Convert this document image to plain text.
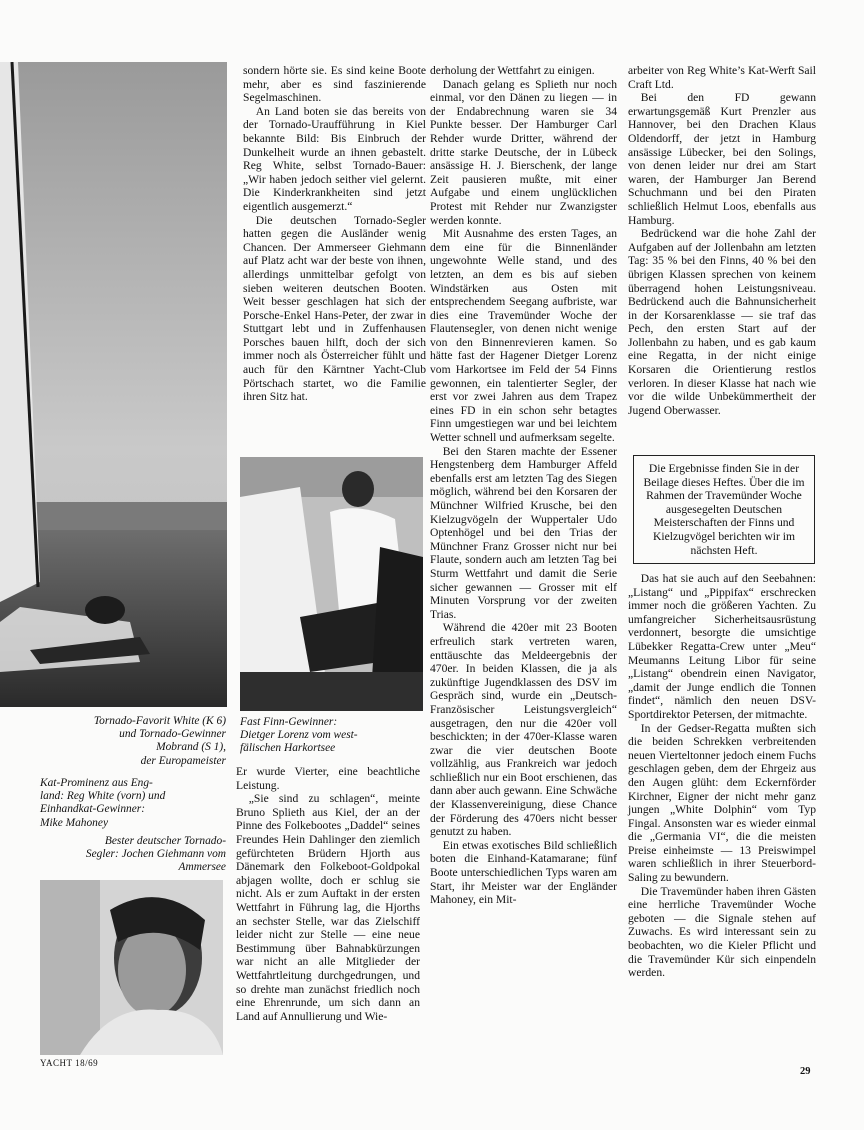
Tornado-Favorit White (K 6)
und Tornado-Gewinner
Mobrand (S 1),
der Europameister
Kat-Prominenz aus Eng-
land: Reg White (vorn) und
Einhandkat-Gewinner:
Mike Mahoney
Bester deutscher Tornado-
Segler: Jochen Giehmann vom
Ammersee

sondern hörte sie. Es sind keine Boote mehr, aber es sind faszinierende Segelmaschinen.

An Land boten sie das bereits von der Tornado-Uraufführung in Kiel bekannte Bild: Bis Einbruch der Dunkelheit wurde an ihnen gebastelt. Reg White, selbst Tornado-Bauer: „Wir haben jedoch seither viel gelernt. Die Kinderkrankheiten sind jetzt eigentlich ausgemerzt.“

Die deutschen Tornado-Segler hatten gegen die Ausländer wenig Chancen. Der Ammerseer Giehmann auf Platz acht war der beste von ihnen, allerdings unmittelbar gefolgt von sieben weiteren deutschen Booten. Weit besser geschlagen hat sich der Porsche-Enkel Hans-Peter, der zwar in Stuttgart lebt und in Zuffenhausen Porsches bauen hilft, doch der sich immer noch als Österreicher fühlt und auch für den Kärntner Yacht-Club Pörtschach startet, wo die Familie ihren Sitz hat.

Fast Finn-Gewinner:
Dietger Lorenz vom west-
fälischen Harkortsee

Er wurde Vierter, eine beachtliche Leistung.

„Sie sind zu schlagen“, meinte Bruno Splieth aus Kiel, der an der Pinne des Folkebootes „Daddel“ seines Freundes Hein Dahlinger den ziemlich gefürchteten Brüdern Hjorth aus Dänemark den Folkeboot-Goldpokal abjagen wollte, doch er schlug sie nicht. Als er zum Auftakt in der ersten Wettfahrt in Führung lag, die Hjorths an sechster Stelle, war das Zielschiff leider nicht zur Stelle — eine neue Bestimmung über Bahnabkürzungen war nicht an alle Mitglieder der Wettfahrtleitung durchgedrungen, und so drehte man zunächst friedlich noch eine Ehrenrunde, um sich dann an Land auf Annullierung und Wie-

derholung der Wettfahrt zu einigen.

Danach gelang es Splieth nur noch einmal, vor den Dänen zu liegen — in der Endabrechnung waren sie 34 Punkte besser. Der Hamburger Carl Rehder wurde Dritter, während der dritte starke Deutsche, der in Lübeck ansässige H. J. Bierschenk, der lange Zeit pausieren mußte, mit einer Aufgabe und einem unglücklichen Protest mit Rehder nur Zwanzigster werden konnte.

Mit Ausnahme des ersten Tages, an dem eine für die Binnenländer ungewohnte Welle stand, und des letzten, an dem es bis auf sieben Windstärken aus Osten mit entsprechendem Seegang aufbriste, war dies eine Travemünder Woche der Flautensegler, von denen nicht wenige von den Binnenrevieren kamen. So hätte fast der Hagener Dietger Lorenz vom Harkortsee im Feld der 54 Finns gewonnen, ein talentierter Segler, der erst vor zwei Jahren aus dem Trapez eines FD in ein schon sehr betagtes Finn umgestiegen war und bei leichtem Wetter schnell und aufmerksam segelte.

Bei den Staren machte der Essener Hengstenberg dem Hamburger Affeld ebenfalls erst am letzten Tag des Siegen möglich, während bei den Korsaren der Münchner Wilfried Krusche, bei den Kielzugvögeln der Wuppertaler Udo Optenhögel und bei den Trias der Münchner Franz Grosser nicht nur bei Flaute, sondern auch am letzten Tag bei Sturm Wettfahrt und damit die Serie sicher gewannen — Grosser mit elf Minuten Vorsprung vor der zweiten Trias.

Während die 420er mit 23 Booten erfreulich stark vertreten waren, enttäuschte das Meldeergebnis der 470er. In beiden Klassen, die ja als zukünftige Jugendklassen des DSV im Gespräch sind, wurde ein „Deutsch-Französischer Leistungsvergleich“ ausgetragen, den nur die 420er voll beschickten; in der 470er-Klasse waren zwar die vier deutschen Boote vollzählig, aus Frankreich war jedoch schließlich nur ein Boot erschienen, das dann aber auch gewann. Eine Schwäche der Klassenvereinigung, diese Chance der Förderung des 470ers nicht besser genutzt zu haben.

Ein etwas exotisches Bild schließlich boten die Einhand-Katamarane; fünf Boote unterschiedlichen Typs waren am Start, ihr Meister war der Engländer Mahoney, ein Mit-

arbeiter von Reg White’s Kat-Werft Sail Craft Ltd.

Bei den FD gewann erwartungsgemäß Kurt Prenzler aus Hannover, bei den Drachen Klaus Oldendorff, der jetzt in Hamburg ansässige Lübecker, bei den Solings, von denen leider nur drei am Start waren, der Hamburger Jan Berend Schuchmann und bei den Piraten schließlich Helmut Loos, ebenfalls aus Hamburg.

Bedrückend war die hohe Zahl der Aufgaben auf der Jollenbahn am letzten Tag: 35 % bei den Finns, 40 % bei den übrigen Klassen sprechen von keinem überragend hohen Leistungsniveau. Bedrückend auch die Bahnunsicherheit in der Korsarenklasse — sie traf das Pech, den ersten Start auf der Jollenbahn zu haben, und es gab kaum eine Regatta, in der nicht einige Korsaren die Orientierung restlos verloren. In dieser Klasse hat nach wie vor die wilde Unbekümmertheit der Jugend Oberwasser.

Die Ergebnisse finden Sie in der Beilage dieses Heftes. Über die im Rahmen der Travemünder Woche ausgesegelten Deutschen Meisterschaften der Finns und Kielzugvögel berichten wir im nächsten Heft.

Das hat sie auch auf den Seebahnen: „Listang“ und „Pippifax“ erschrecken immer noch die größeren Yachten. Zu umfangreicher Sicherheitsausrüstung verdonnert, besorgte die umsichtige Lübekker Regatta-Crew unter „Meu“ Meumanns Leitung Libor für seine „Listang“ obendrein einen Navigator, „damit der Junge endlich die Tonnen findet“, nämlich den neuen DSV-Sportdirektor Petersen, der mitmachte.

In der Gedser-Regatta mußten sich die beiden Schrekken verbreitenden neuen Vierteltonner jedoch einem Fuchs geschlagen geben, dem der Ehrgeiz aus den Augen glüht: dem Eckernförder Kirchner, Eigner der nicht mehr ganz jungen „White Dolphin“ vom Typ Fingal. Ansonsten war es wieder einmal die „Germania VI“, die die meisten Preise einheimste — 13 Preiswimpel waren schließlich in ihrer Steuerbord-Saling zu bewundern.

Die Travemünder haben ihren Gästen eine herrliche Travemünder Woche geboten — die Signale stehen auf Zuwachs. Es wird interessant sein zu beobachten, wo die Kieler Pflicht und die Travemünder Kür sich einpendeln werden.

YACHT 18/69
29
